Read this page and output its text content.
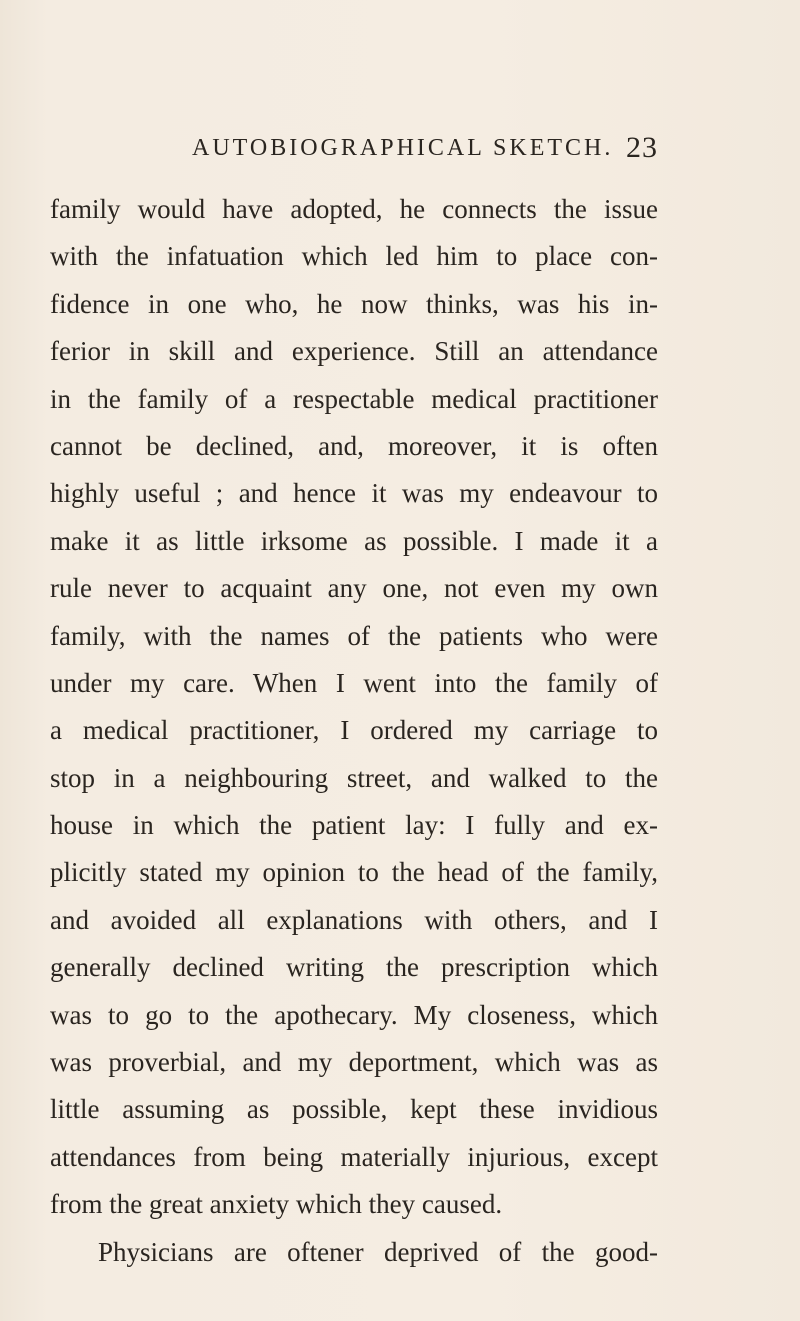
AUTOBIOGRAPHICAL SKETCH. 23
family would have adopted, he connects the issue
with the infatuation which led him to place con-
fidence in one who, he now thinks, was his in-
ferior in skill and experience. Still an attendance
in the family of a respectable medical practitioner
cannot be declined, and, moreover, it is often
highly useful ; and hence it was my endeavour to
make it as little irksome as possible. I made it a
rule never to acquaint any one, not even my own
family, with the names of the patients who were
under my care. When I went into the family of
a medical practitioner, I ordered my carriage to
stop in a neighbouring street, and walked to the
house in which the patient lay: I fully and ex-
plicitly stated my opinion to the head of the family,
and avoided all explanations with others, and I
generally declined writing the prescription which
was to go to the apothecary. My closeness, which
was proverbial, and my deportment, which was as
little assuming as possible, kept these invidious
attendances from being materially injurious, except
from the great anxiety which they caused.
Physicians are oftener deprived of the good-
